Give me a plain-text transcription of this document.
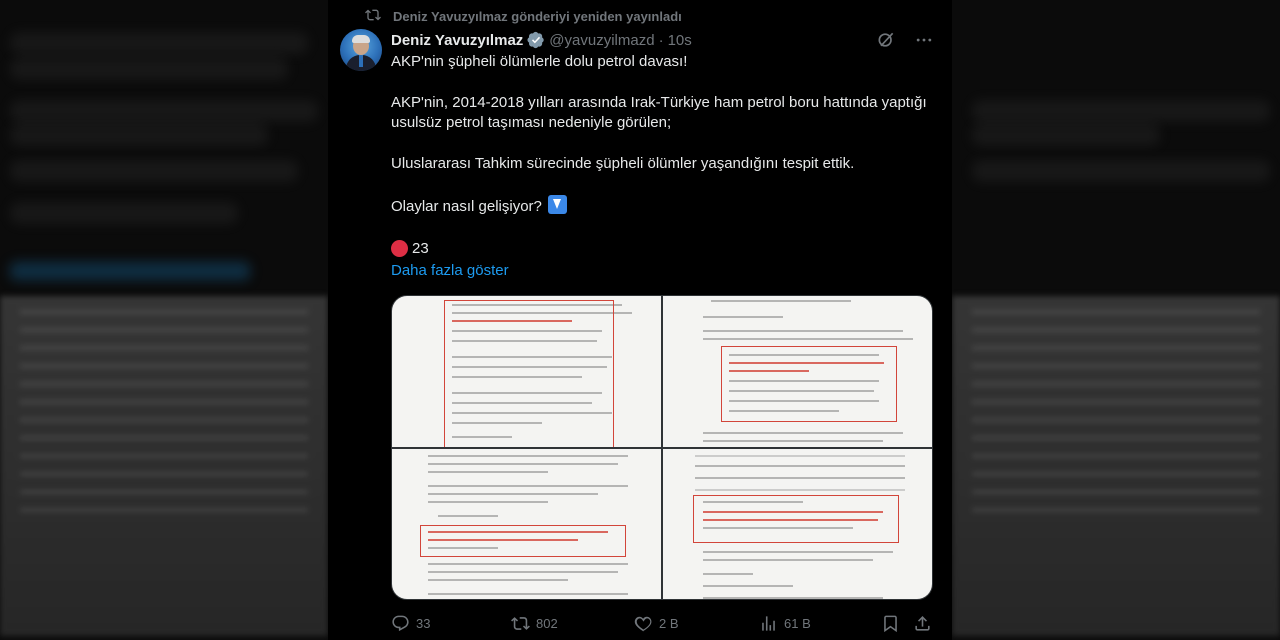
Deniz Yavuzyılmaz gönderiyi yeniden yayınladı
Deniz Yavuzyılmaz @yavuzyilmazd · 10s

AKP'nin şüpheli ölümlerle dolu petrol davası!

AKP'nin, 2014-2018 yılları arasında Irak-Türkiye ham petrol boru hattında yaptığı usulsüz petrol taşıması nedeniyle görülen;

Uluslararası Tahkim sürecinde şüpheli ölümler yaşandığını tespit ettik.

Olaylar nasıl gelişiyor?

23
Daha fazla göster
33	802	2 B	61 B
